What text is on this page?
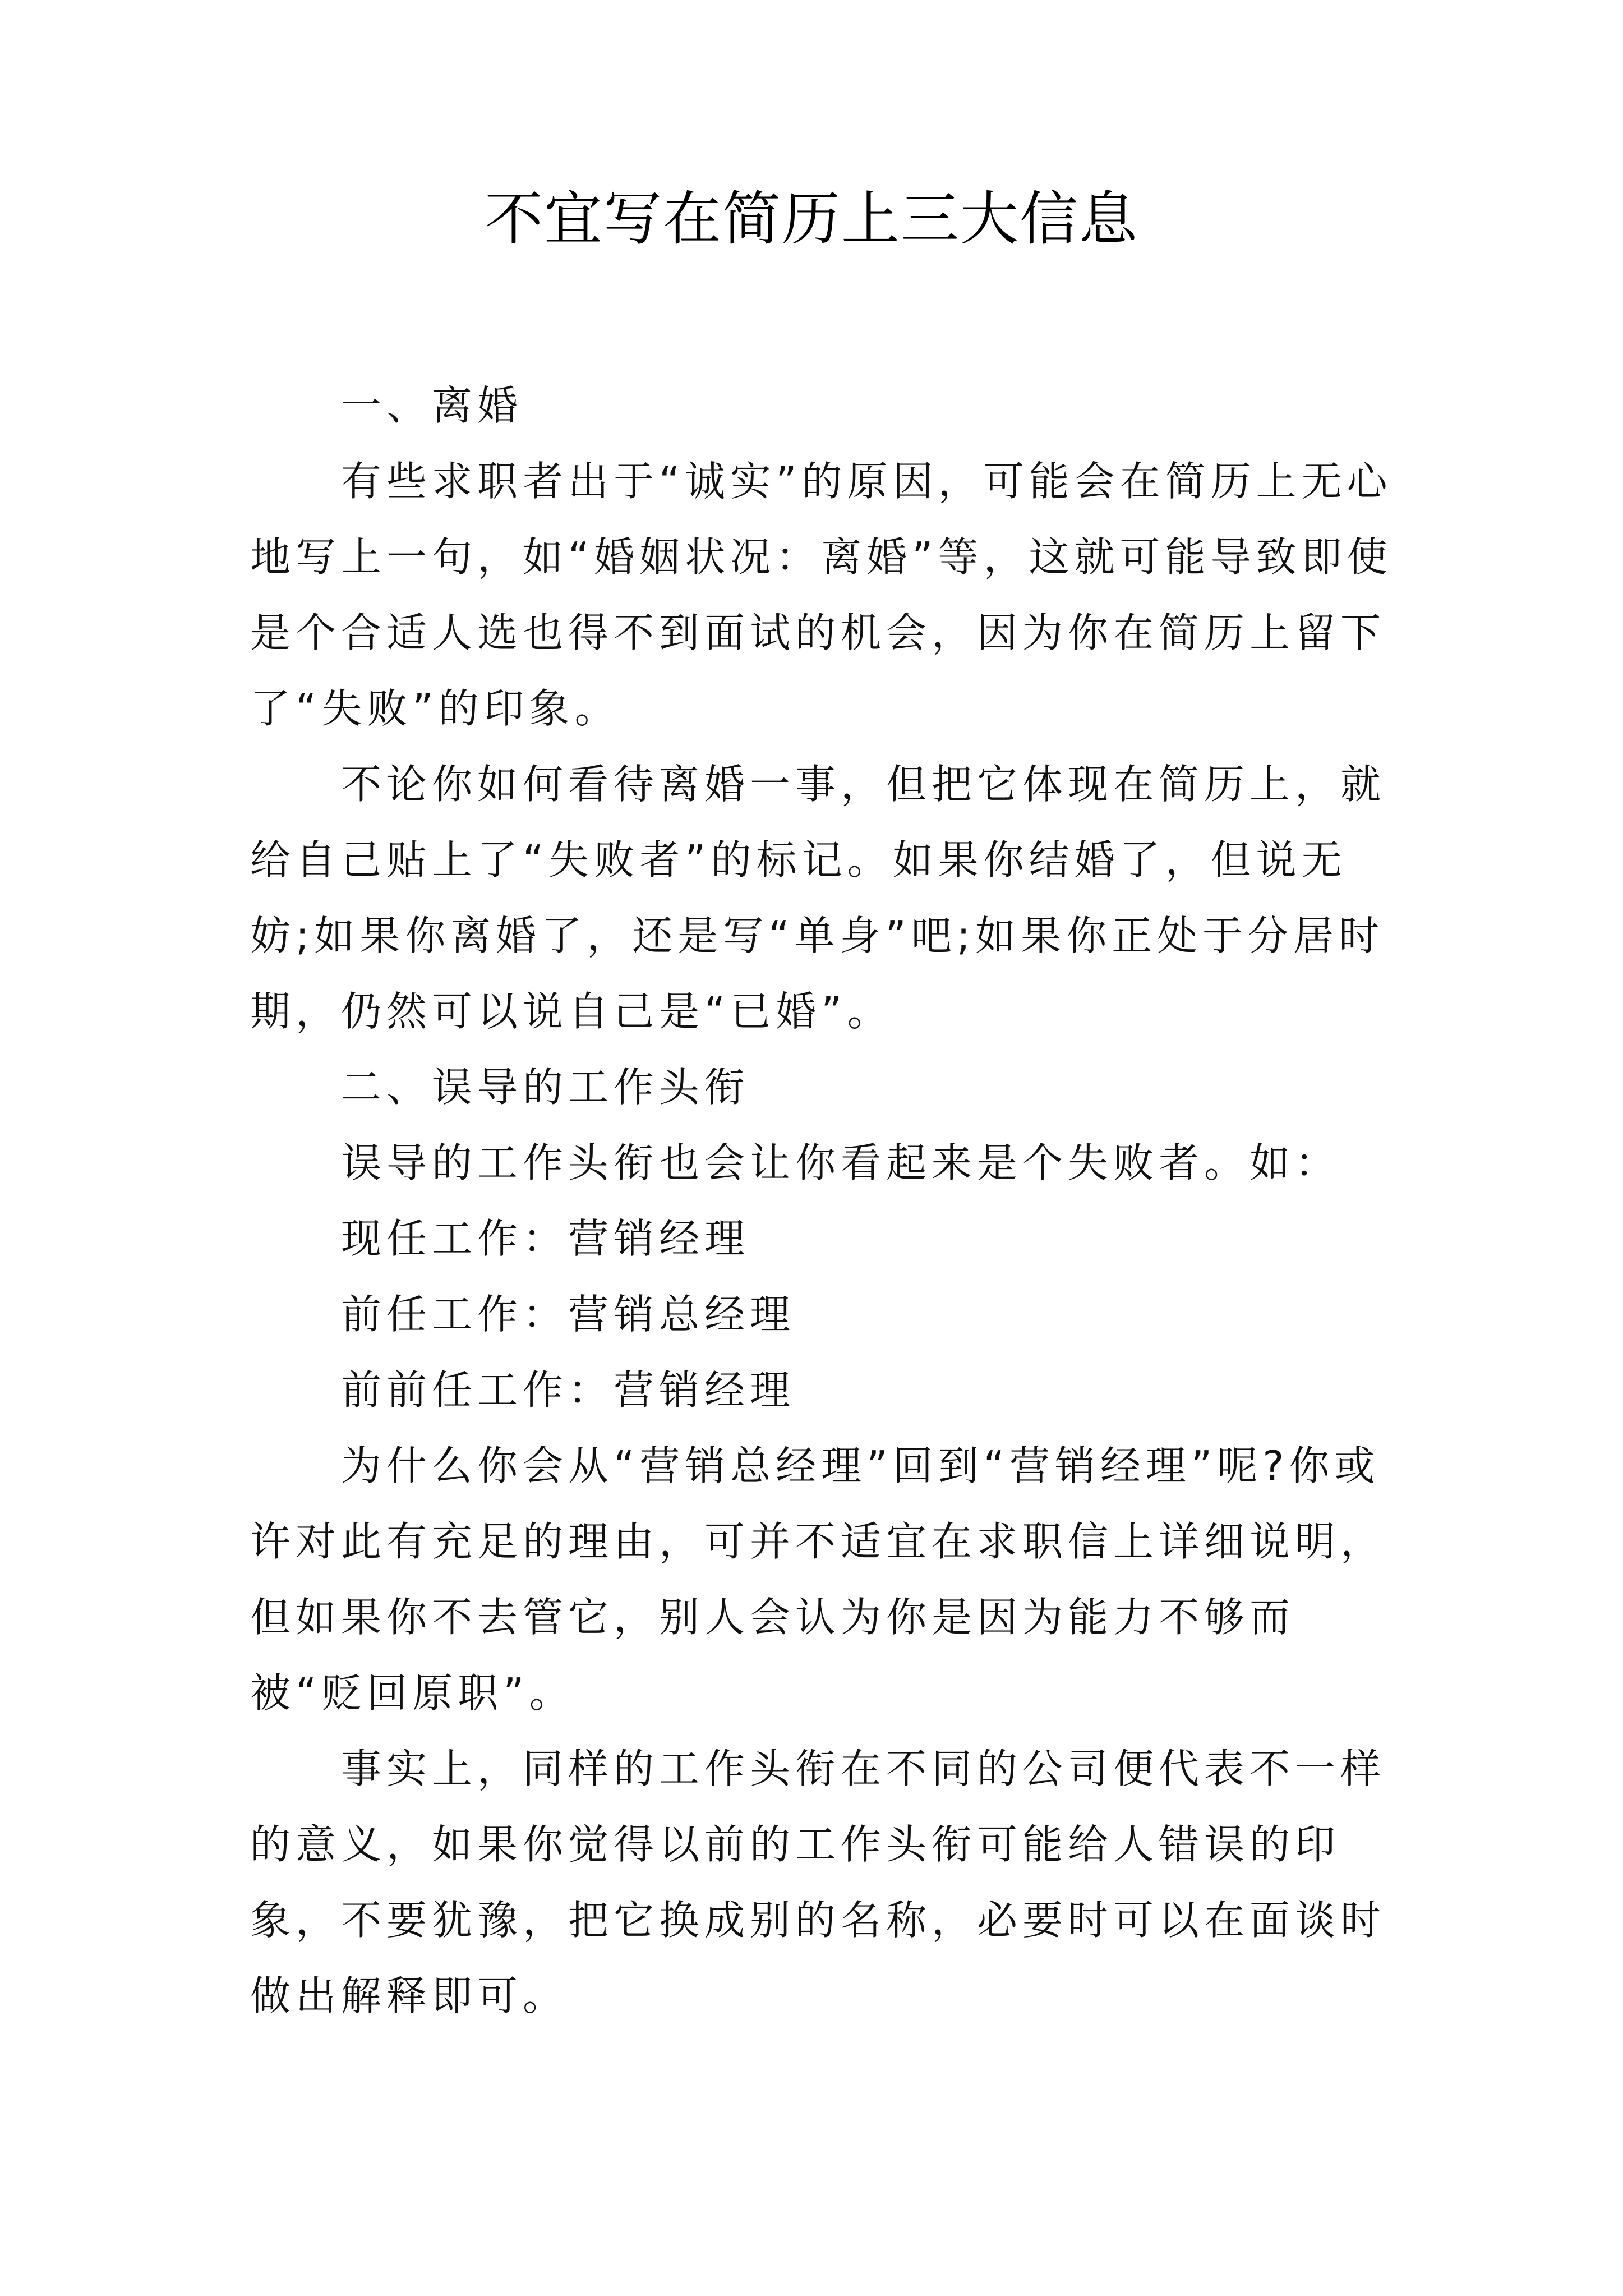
不宜写在简历上三大信息

一、离婚

有些求职者出于“诚实”的原因，可能会在简历上无心地写上一句，如“婚姻状况：离婚”等，这就可能导致即使是个合适人选也得不到面试的机会，因为你在简历上留下了“失败”的印象。

不论你如何看待离婚一事，但把它体现在简历上，就给自己贴上了“失败者”的标记。如果你结婚了，但说无妨;如果你离婚了，还是写“单身”吧;如果你正处于分居时期，仍然可以说自己是“已婚”。

二、误导的工作头衔

误导的工作头衔也会让你看起来是个失败者。如：

现任工作：营销经理

前任工作：营销总经理

前前任工作：营销经理

为什么你会从“营销总经理”回到“营销经理”呢?你或许对此有充足的理由，可并不适宜在求职信上详细说明，但如果你不去管它，别人会认为你是因为能力不够而被“贬回原职”。

事实上，同样的工作头衔在不同的公司便代表不一样的意义，如果你觉得以前的工作头衔可能给人错误的印象，不要犹豫，把它换成别的名称，必要时可以在面谈时做出解释即可。
